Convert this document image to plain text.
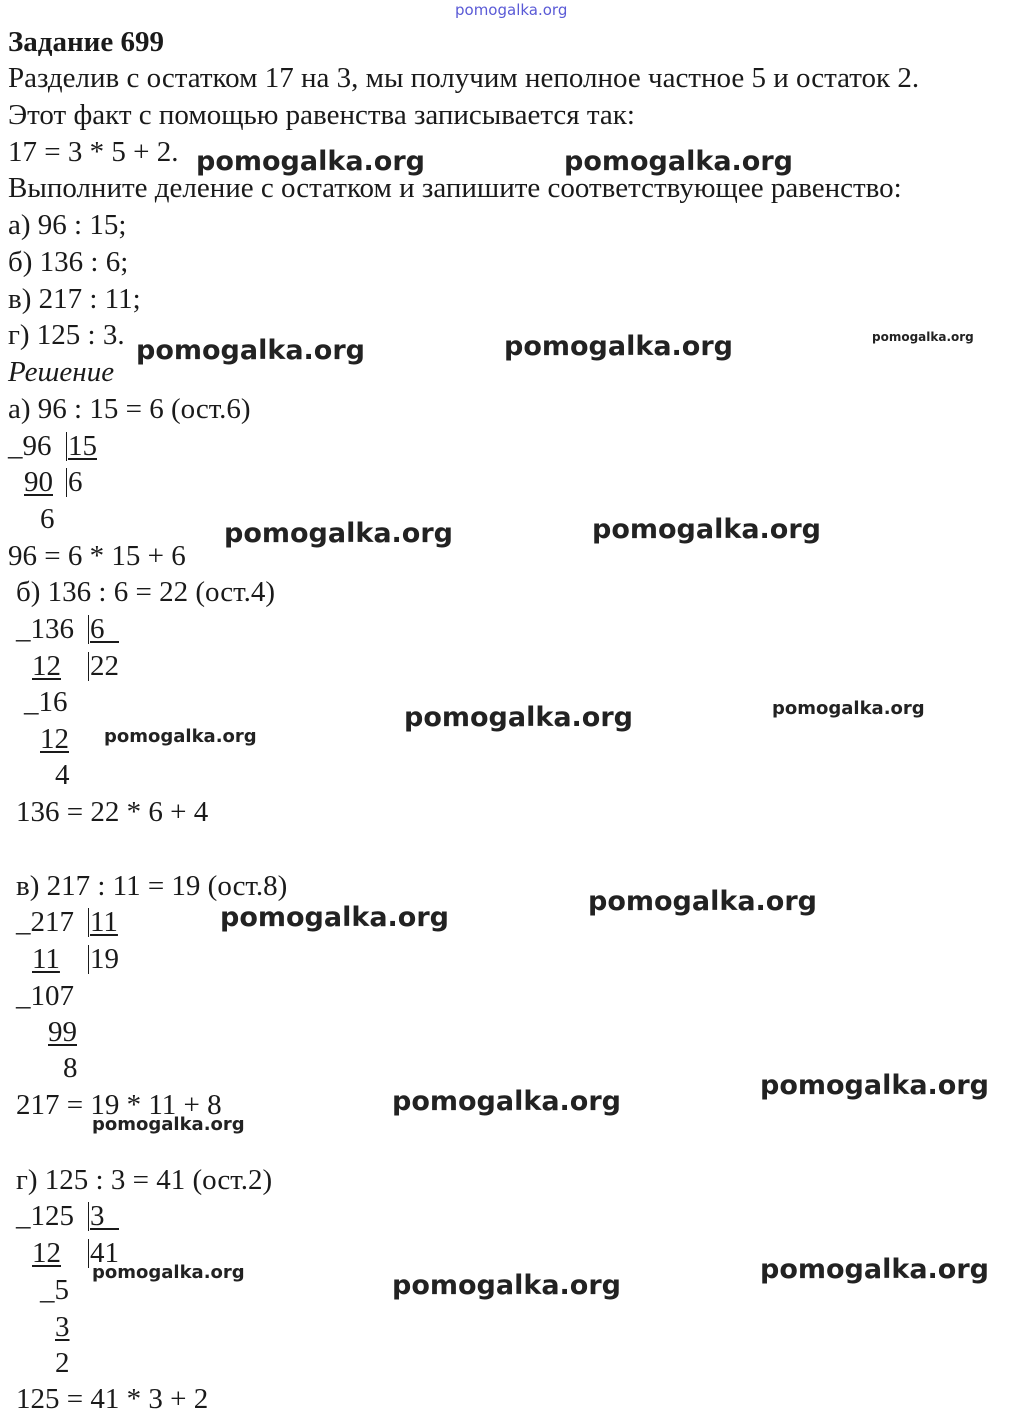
pomogalka.org
pomogalka.org	pomogalka.org
pomogalka.org	pomogalka.org	pomogalka.org
pomogalka.org	pomogalka.org
pomogalka.org	pomogalka.org
pomogalka.org
pomogalka.org
pomogalka.org
pomogalka.org
pomogalka.org
pomogalka.org
pomogalka.org	pomogalka.org
pomogalka.org
Задание 699
Разделив с остатком 17 на 3, мы получим неполное частное 5 и остаток 2.
Этот факт с помощью равенства записывается так:
17 = 3 * 5 + 2.
Выполните деление с остатком и запишите соответствующее равенство:
а) 96 : 15;
б) 136 : 6;
в) 217 : 11;
г) 125 : 3.
Решение
а) 96 : 15 = 6 (ост.6)
_96 15
90 6
6
96 = 6 * 15 + 6
б) 136 : 6 = 22 (ост.4)
_136 6
12 22
_16
12
4
136 = 22 * 6 + 4
в) 217 : 11 = 19 (ост.8)
_217 11
11 19
_107
99
8
217 = 19 * 11 + 8
г) 125 : 3 = 41 (ост.2)
_125 3
12 41
_5
3
2
125 = 41 * 3 + 2
